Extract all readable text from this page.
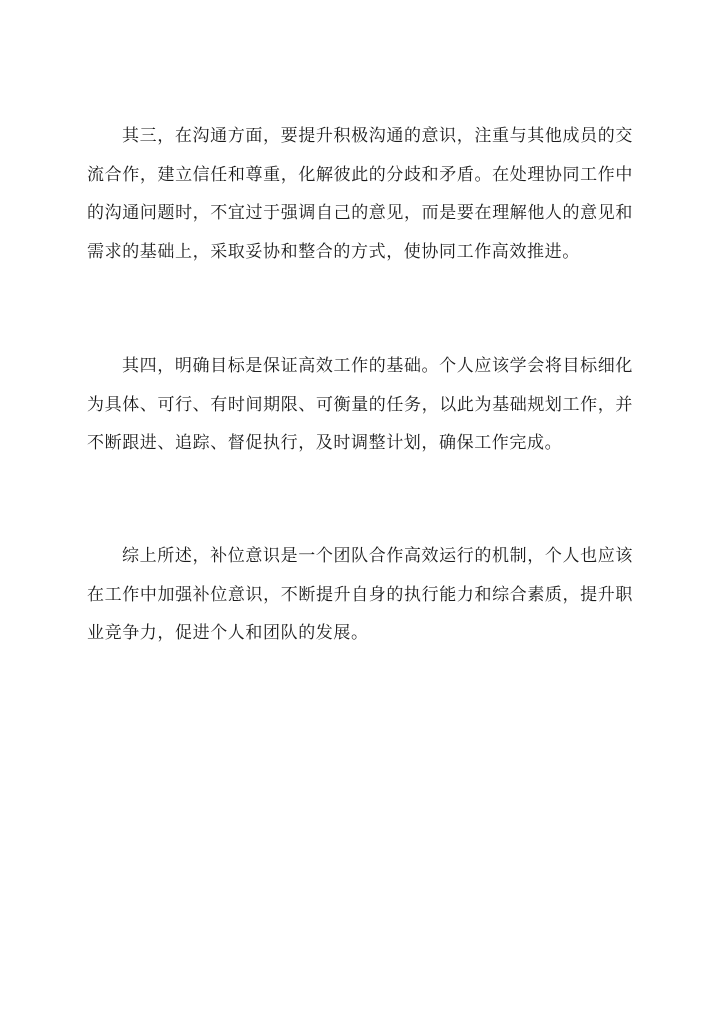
其三，在沟通方面，要提升积极沟通的意识，注重与其他成员的交流合作，建立信任和尊重，化解彼此的分歧和矛盾。在处理协同工作中的沟通问题时，不宜过于强调自己的意见，而是要在理解他人的意见和需求的基础上，采取妥协和整合的方式，使协同工作高效推进。

其四，明确目标是保证高效工作的基础。个人应该学会将目标细化为具体、可行、有时间期限、可衡量的任务，以此为基础规划工作，并不断跟进、追踪、督促执行，及时调整计划，确保工作完成。

综上所述，补位意识是一个团队合作高效运行的机制，个人也应该在工作中加强补位意识，不断提升自身的执行能力和综合素质，提升职业竞争力，促进个人和团队的发展。
